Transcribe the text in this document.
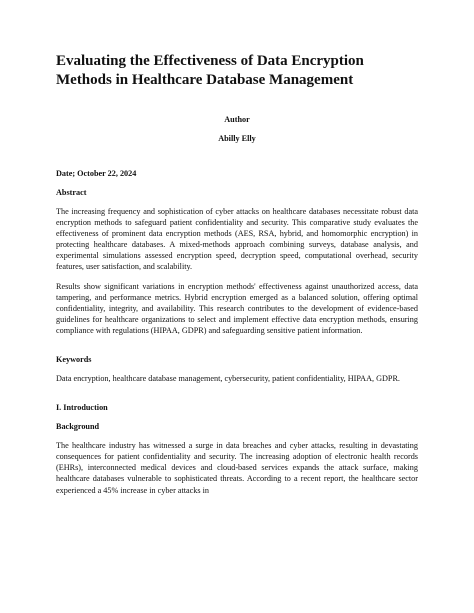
Evaluating the Effectiveness of Data Encryption Methods in Healthcare Database Management
Author
Abilly Elly
Date; October 22, 2024
Abstract
The increasing frequency and sophistication of cyber attacks on healthcare databases necessitate robust data encryption methods to safeguard patient confidentiality and security. This comparative study evaluates the effectiveness of prominent data encryption methods (AES, RSA, hybrid, and homomorphic encryption) in protecting healthcare databases. A mixed-methods approach combining surveys, database analysis, and experimental simulations assessed encryption speed, decryption speed, computational overhead, security features, user satisfaction, and scalability.
Results show significant variations in encryption methods' effectiveness against unauthorized access, data tampering, and performance metrics. Hybrid encryption emerged as a balanced solution, offering optimal confidentiality, integrity, and availability. This research contributes to the development of evidence-based guidelines for healthcare organizations to select and implement effective data encryption methods, ensuring compliance with regulations (HIPAA, GDPR) and safeguarding sensitive patient information.
Keywords
Data encryption, healthcare database management, cybersecurity, patient confidentiality, HIPAA, GDPR.
I. Introduction
Background
The healthcare industry has witnessed a surge in data breaches and cyber attacks, resulting in devastating consequences for patient confidentiality and security. The increasing adoption of electronic health records (EHRs), interconnected medical devices and cloud-based services expands the attack surface, making healthcare databases vulnerable to sophisticated threats. According to a recent report, the healthcare sector experienced a 45% increase in cyber attacks in
